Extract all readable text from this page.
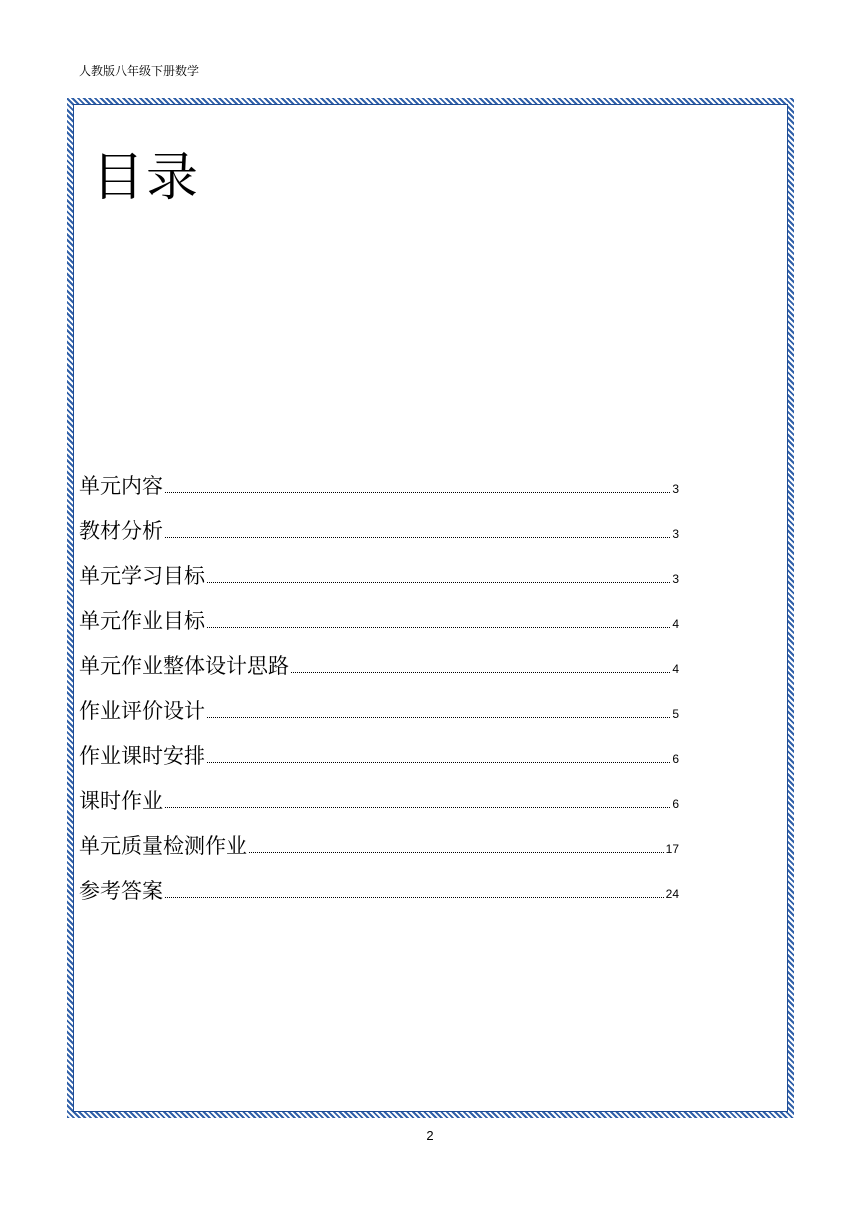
人教版八年级下册数学
目录
单元内容	3
教材分析	3
单元学习目标	3
单元作业目标	4
单元作业整体设计思路	4
作业评价设计	5
作业课时安排	6
课时作业	6
单元质量检测作业	17
参考答案	24
2
